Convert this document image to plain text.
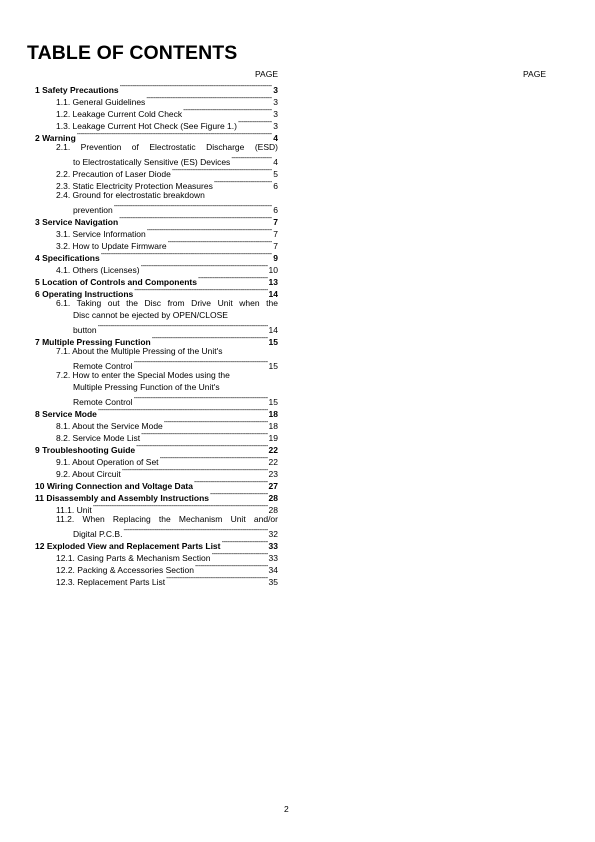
TABLE OF CONTENTS
PAGE	PAGE
1 Safety Precautions -----	3
1.1. General Guidelines -----	3
1.2. Leakage Current Cold Check -----	3
1.3. Leakage Current Hot Check (See Figure 1.) -----	3
2 Warning -----	4
2.1. Prevention of Electrostatic Discharge (ESD)
to Electrostatically Sensitive (ES) Devices -----	4
2.2. Precaution of Laser Diode -----	5
2.3. Static Electricity Protection Measures -----	6
2.4. Ground for electrostatic breakdown
prevention -----	6
3 Service Navigation -----	7
3.1. Service Information -----	7
3.2. How to Update Firmware -----	7
4 Specifications -----	9
4.1. Others (Licenses) -----	10
5 Location of Controls and Components -----	13
6 Operating Instructions -----	14
6.1. Taking out the Disc from Drive Unit when the
Disc cannot be ejected by OPEN/CLOSE
button -----	14
7 Multiple Pressing Function -----	15
7.1. About the Multiple Pressing of the Unit's
Remote Control -----	15
7.2. How to enter the Special Modes using the
Multiple Pressing Function of the Unit's
Remote Control -----	15
8 Service Mode -----	18
8.1. About the Service Mode -----	18
8.2. Service Mode List -----	19
9 Troubleshooting Guide -----	22
9.1. About Operation of Set -----	22
9.2. About Circuit -----	23
10 Wiring Connection and Voltage Data -----	27
11 Disassembly and Assembly Instructions -----	28
11.1. Unit -----	28
11.2. When Replacing the Mechanism Unit and/or
Digital P.C.B. -----	32
12 Exploded View and Replacement Parts List -----	33
12.1. Casing Parts & Mechanism Section -----	33
12.2. Packing & Accessories Section -----	34
12.3. Replacement Parts List -----	35
2
